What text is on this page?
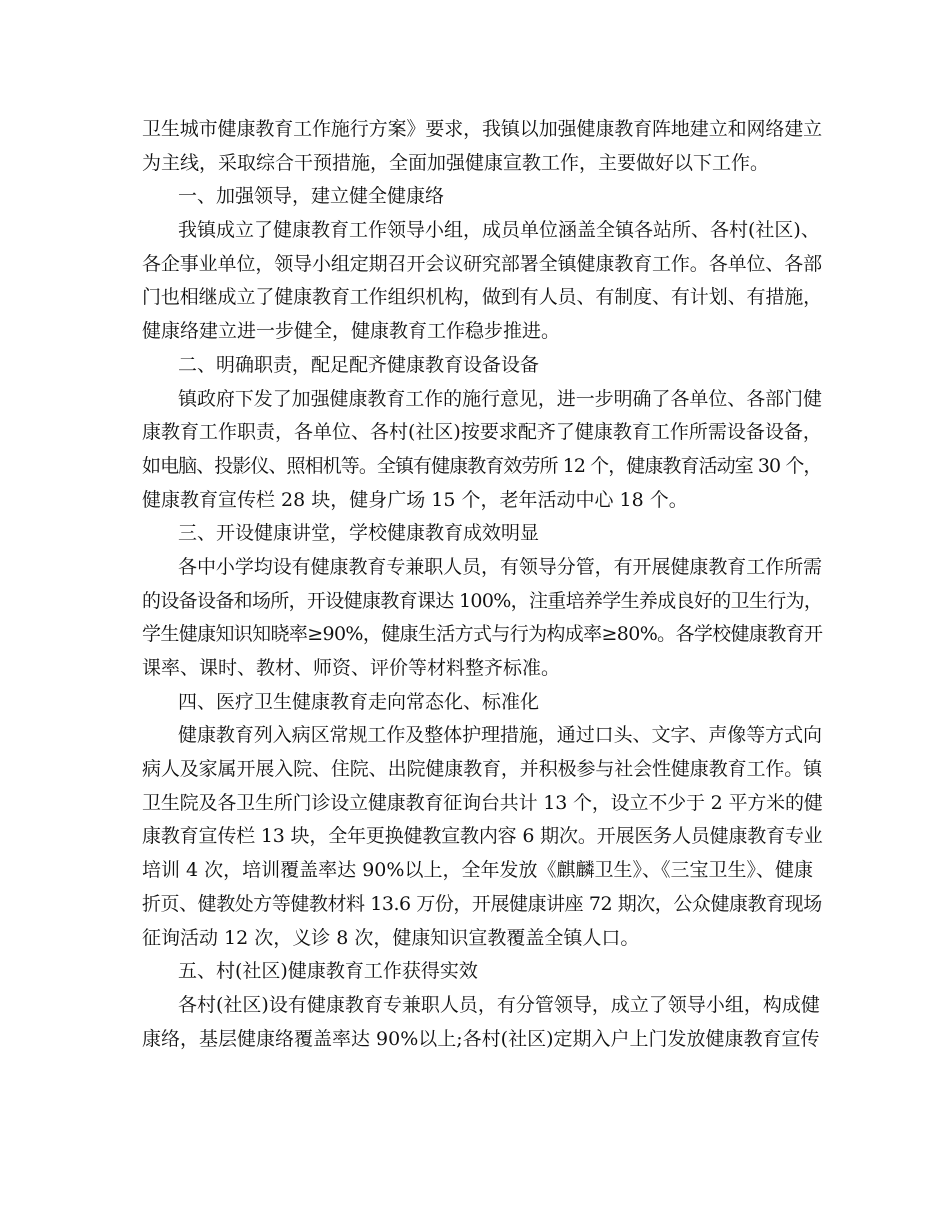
卫生城市健康教育工作施行方案》要求，我镇以加强健康教育阵地建立和网络建立
为主线，采取综合干预措施，全面加强健康宣教工作，主要做好以下工作。
一、加强领导，建立健全健康络
我镇成立了健康教育工作领导小组，成员单位涵盖全镇各站所、各村(社区)、
各企事业单位，领导小组定期召开会议研究部署全镇健康教育工作。各单位、各部
门也相继成立了健康教育工作组织机构，做到有人员、有制度、有计划、有措施，
健康络建立进一步健全，健康教育工作稳步推进。
二、明确职责，配足配齐健康教育设备设备
镇政府下发了加强健康教育工作的施行意见，进一步明确了各单位、各部门健
康教育工作职责，各单位、各村(社区)按要求配齐了健康教育工作所需设备设备，
如电脑、投影仪、照相机等。全镇有健康教育效劳所 12 个，健康教育活动室 30 个，
健康教育宣传栏 28 块，健身广场 15 个，老年活动中心 18 个。
三、开设健康讲堂，学校健康教育成效明显
各中小学均设有健康教育专兼职人员，有领导分管，有开展健康教育工作所需
的设备设备和场所，开设健康教育课达 100%，注重培养学生养成良好的卫生行为，
学生健康知识知晓率≥90%，健康生活方式与行为构成率≥80%。各学校健康教育开
课率、课时、教材、师资、评价等材料整齐标准。
四、医疗卫生健康教育走向常态化、标准化
健康教育列入病区常规工作及整体护理措施，通过口头、文字、声像等方式向
病人及家属开展入院、住院、出院健康教育，并积极参与社会性健康教育工作。镇
卫生院及各卫生所门诊设立健康教育征询台共计 13 个，设立不少于 2 平方米的健
康教育宣传栏 13 块，全年更换健教宣教内容 6 期次。开展医务人员健康教育专业
培训 4 次，培训覆盖率达 90%以上，全年发放《麒麟卫生》、《三宝卫生》、健康
折页、健教处方等健教材料 13.6 万份，开展健康讲座 72 期次，公众健康教育现场
征询活动 12 次，义诊 8 次，健康知识宣教覆盖全镇人口。
五、村(社区)健康教育工作获得实效
各村(社区)设有健康教育专兼职人员，有分管领导，成立了领导小组，构成健
康络，基层健康络覆盖率达 90%以上;各村(社区)定期入户上门发放健康教育宣传
